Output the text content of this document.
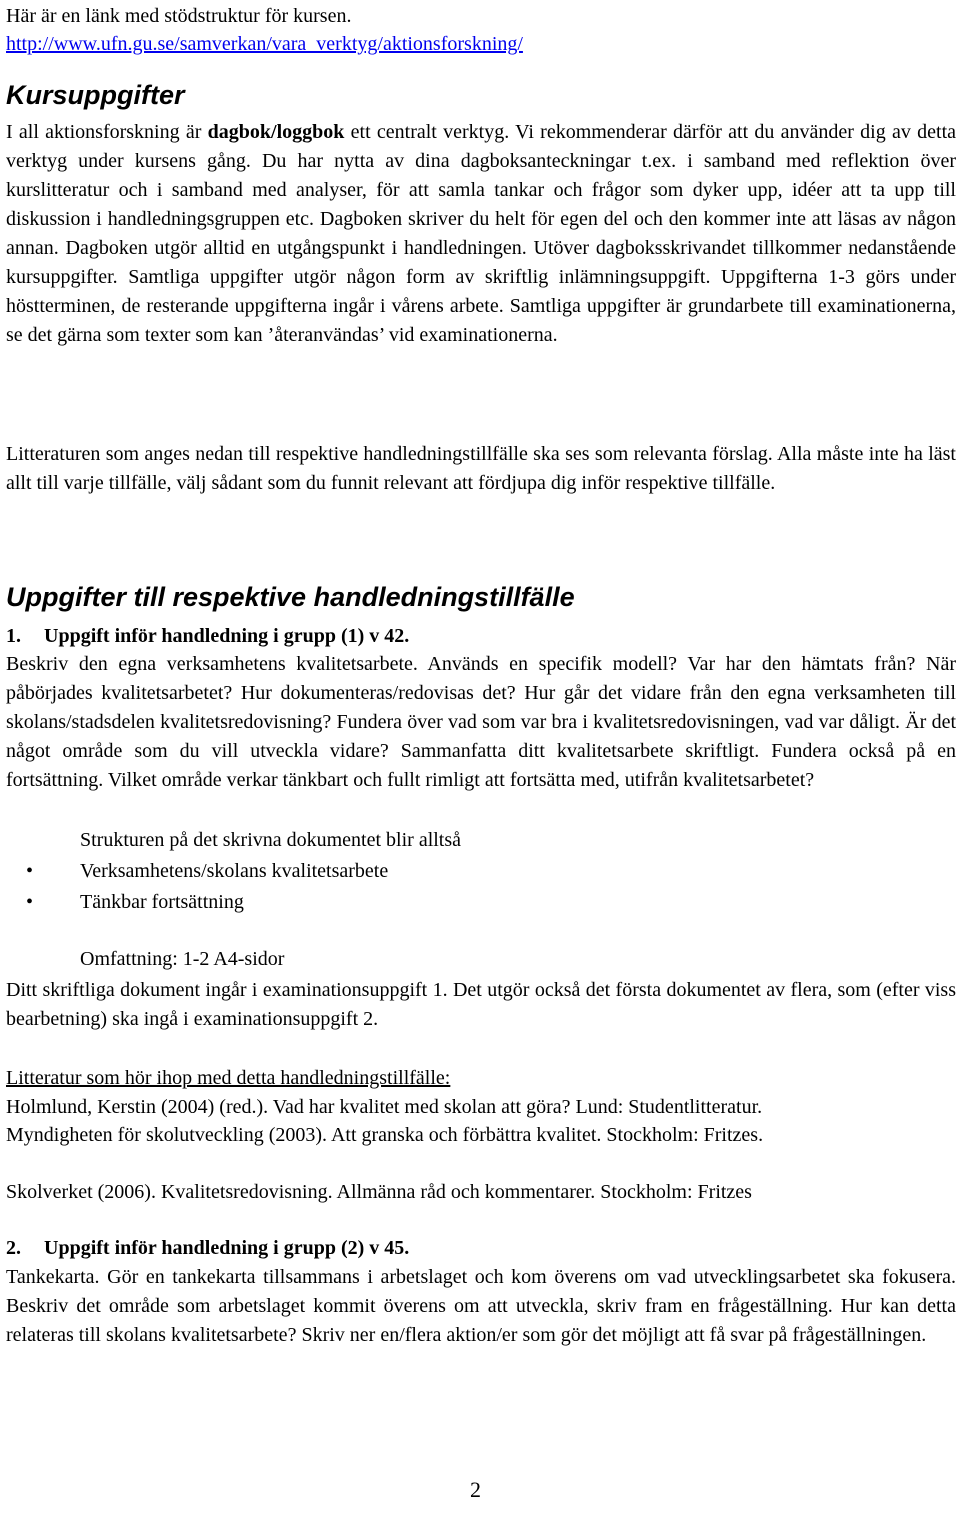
Här är en länk med stödstruktur för kursen.
http://www.ufn.gu.se/samverkan/vara_verktyg/aktionsforskning/
Kursuppgifter
I all aktionsforskning är dagbok/loggbok ett centralt verktyg. Vi rekommenderar därför att du använder dig av detta verktyg under kursens gång. Du har nytta av dina dagboksanteckningar t.ex. i samband med reflektion över kurslitteratur och i samband med analyser, för att samla tankar och frågor som dyker upp, idéer att ta upp till diskussion i handledningsgruppen etc. Dagboken skriver du helt för egen del och den kommer inte att läsas av någon annan. Dagboken utgör alltid en utgångspunkt i handledningen. Utöver dagboksskrivandet tillkommer nedanstående kursuppgifter. Samtliga uppgifter utgör någon form av skriftlig inlämningsuppgift. Uppgifterna 1-3 görs under höstterminen, de resterande uppgifterna ingår i vårens arbete. Samtliga uppgifter är grundarbete till examinationerna, se det gärna som texter som kan ’återanvändas’ vid examinationerna.
Litteraturen som anges nedan till respektive handledningstillfälle ska ses som relevanta förslag. Alla måste inte ha läst allt till varje tillfälle, välj sådant som du funnit relevant att fördjupa dig inför respektive tillfälle.
Uppgifter till respektive handledningstillfälle
1. Uppgift inför handledning i grupp (1) v 42.
Beskriv den egna verksamhetens kvalitetsarbete. Används en specifik modell? Var har den hämtats från? När påbörjades kvalitetsarbetet? Hur dokumenteras/redovisas det? Hur går det vidare från den egna verksamheten till skolans/stadsdelen kvalitetsredovisning? Fundera över vad som var bra i kvalitetsredovisningen, vad var dåligt. Är det något område som du vill utveckla vidare? Sammanfatta ditt kvalitetsarbete skriftligt. Fundera också på en fortsättning. Vilket område verkar tänkbart och fullt rimligt att fortsätta med, utifrån kvalitetsarbetet?
Strukturen på det skrivna dokumentet blir alltså
• Verksamhetens/skolans kvalitetsarbete
• Tänkbar fortsättning
Omfattning: 1-2 A4-sidor
Ditt skriftliga dokument ingår i examinationsuppgift 1. Det utgör också det första dokumentet av flera, som (efter viss bearbetning) ska ingå i examinationsuppgift 2.
Litteratur som hör ihop med detta handledningstillfälle:
Holmlund, Kerstin (2004) (red.). Vad har kvalitet med skolan att göra? Lund: Studentlitteratur.
Myndigheten för skolutveckling (2003). Att granska och förbättra kvalitet. Stockholm: Fritzes.
Skolverket (2006). Kvalitetsredovisning. Allmänna råd och kommentarer. Stockholm: Fritzes
2. Uppgift inför handledning i grupp (2) v 45.
Tankekarta. Gör en tankekarta tillsammans i arbetslaget och kom överens om vad utvecklingsarbetet ska fokusera. Beskriv det område som arbetslaget kommit överens om att utveckla, skriv fram en frågeställning. Hur kan detta relateras till skolans kvalitetsarbete? Skriv ner en/flera aktion/er som gör det möjligt att få svar på frågeställningen.
2
